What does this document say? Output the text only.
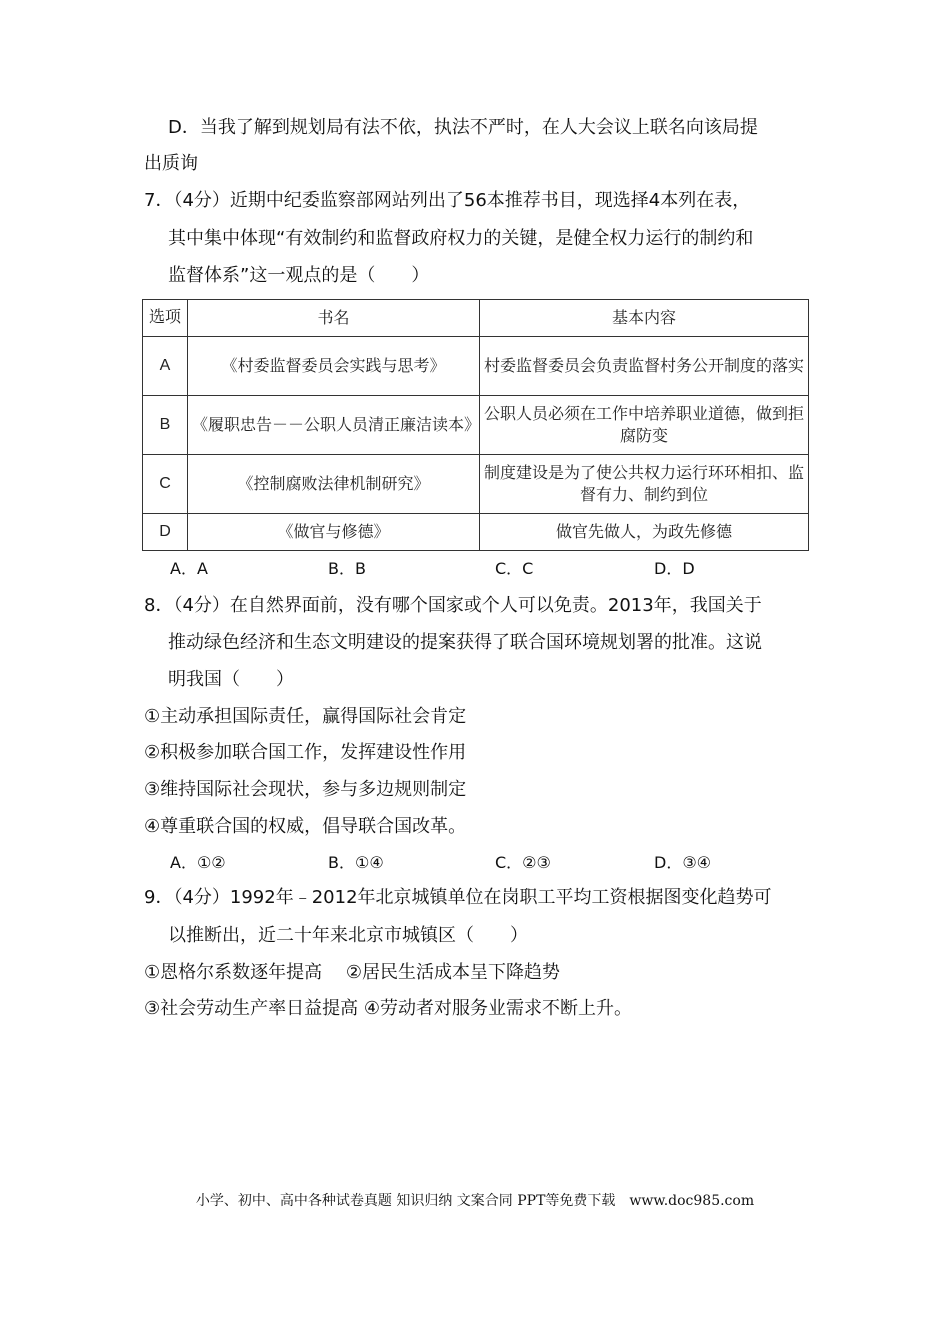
D．当我了解到规划局有法不依，执法不严时，在人大会议上联名向该局提
出质询
7．（4分）近期中纪委监察部网站列出了56本推荐书目，现选择4本列在表，
其中集中体现“有效制约和监督政府权力的关键，是健全权力运行的制约和
监督体系”这一观点的是（　　）
选项	书名	基本内容
A	《村委监督委员会实践与思考》	村委监督委员会负责监督村务公开制度的落实
B	《履职忠告－－公职人员清正廉洁读本》	公职人员必须在工作中培养职业道德，做到拒腐防变
C	《控制腐败法律机制研究》	制度建设是为了使公共权力运行环环相扣、监督有力、制约到位
D	《做官与修德》	做官先做人，为政先修德
A．A	B．B	C．C	D．D
8．（4分）在自然界面前，没有哪个国家或个人可以免责。2013年，我国关于
推动绿色经济和生态文明建设的提案获得了联合国环境规划署的批准。这说
明我国（　　）
①主动承担国际责任，赢得国际社会肯定
②积极参加联合国工作，发挥建设性作用
③维持国际社会现状，参与多边规则制定
④尊重联合国的权威，倡导联合国改革。
A．①②	B．①④	C．②③	D．③④
9．（4分）1992年﹣2012年北京城镇单位在岗职工平均工资根据图变化趋势可
以推断出，近二十年来北京市城镇区（　　）
①恩格尔系数逐年提高　 ②居民生活成本呈下降趋势
③社会劳动生产率日益提高 ④劳动者对服务业需求不断上升。
小学、初中、高中各种试卷真题 知识归纳 文案合同 PPT等免费下载　www.doc985.com
